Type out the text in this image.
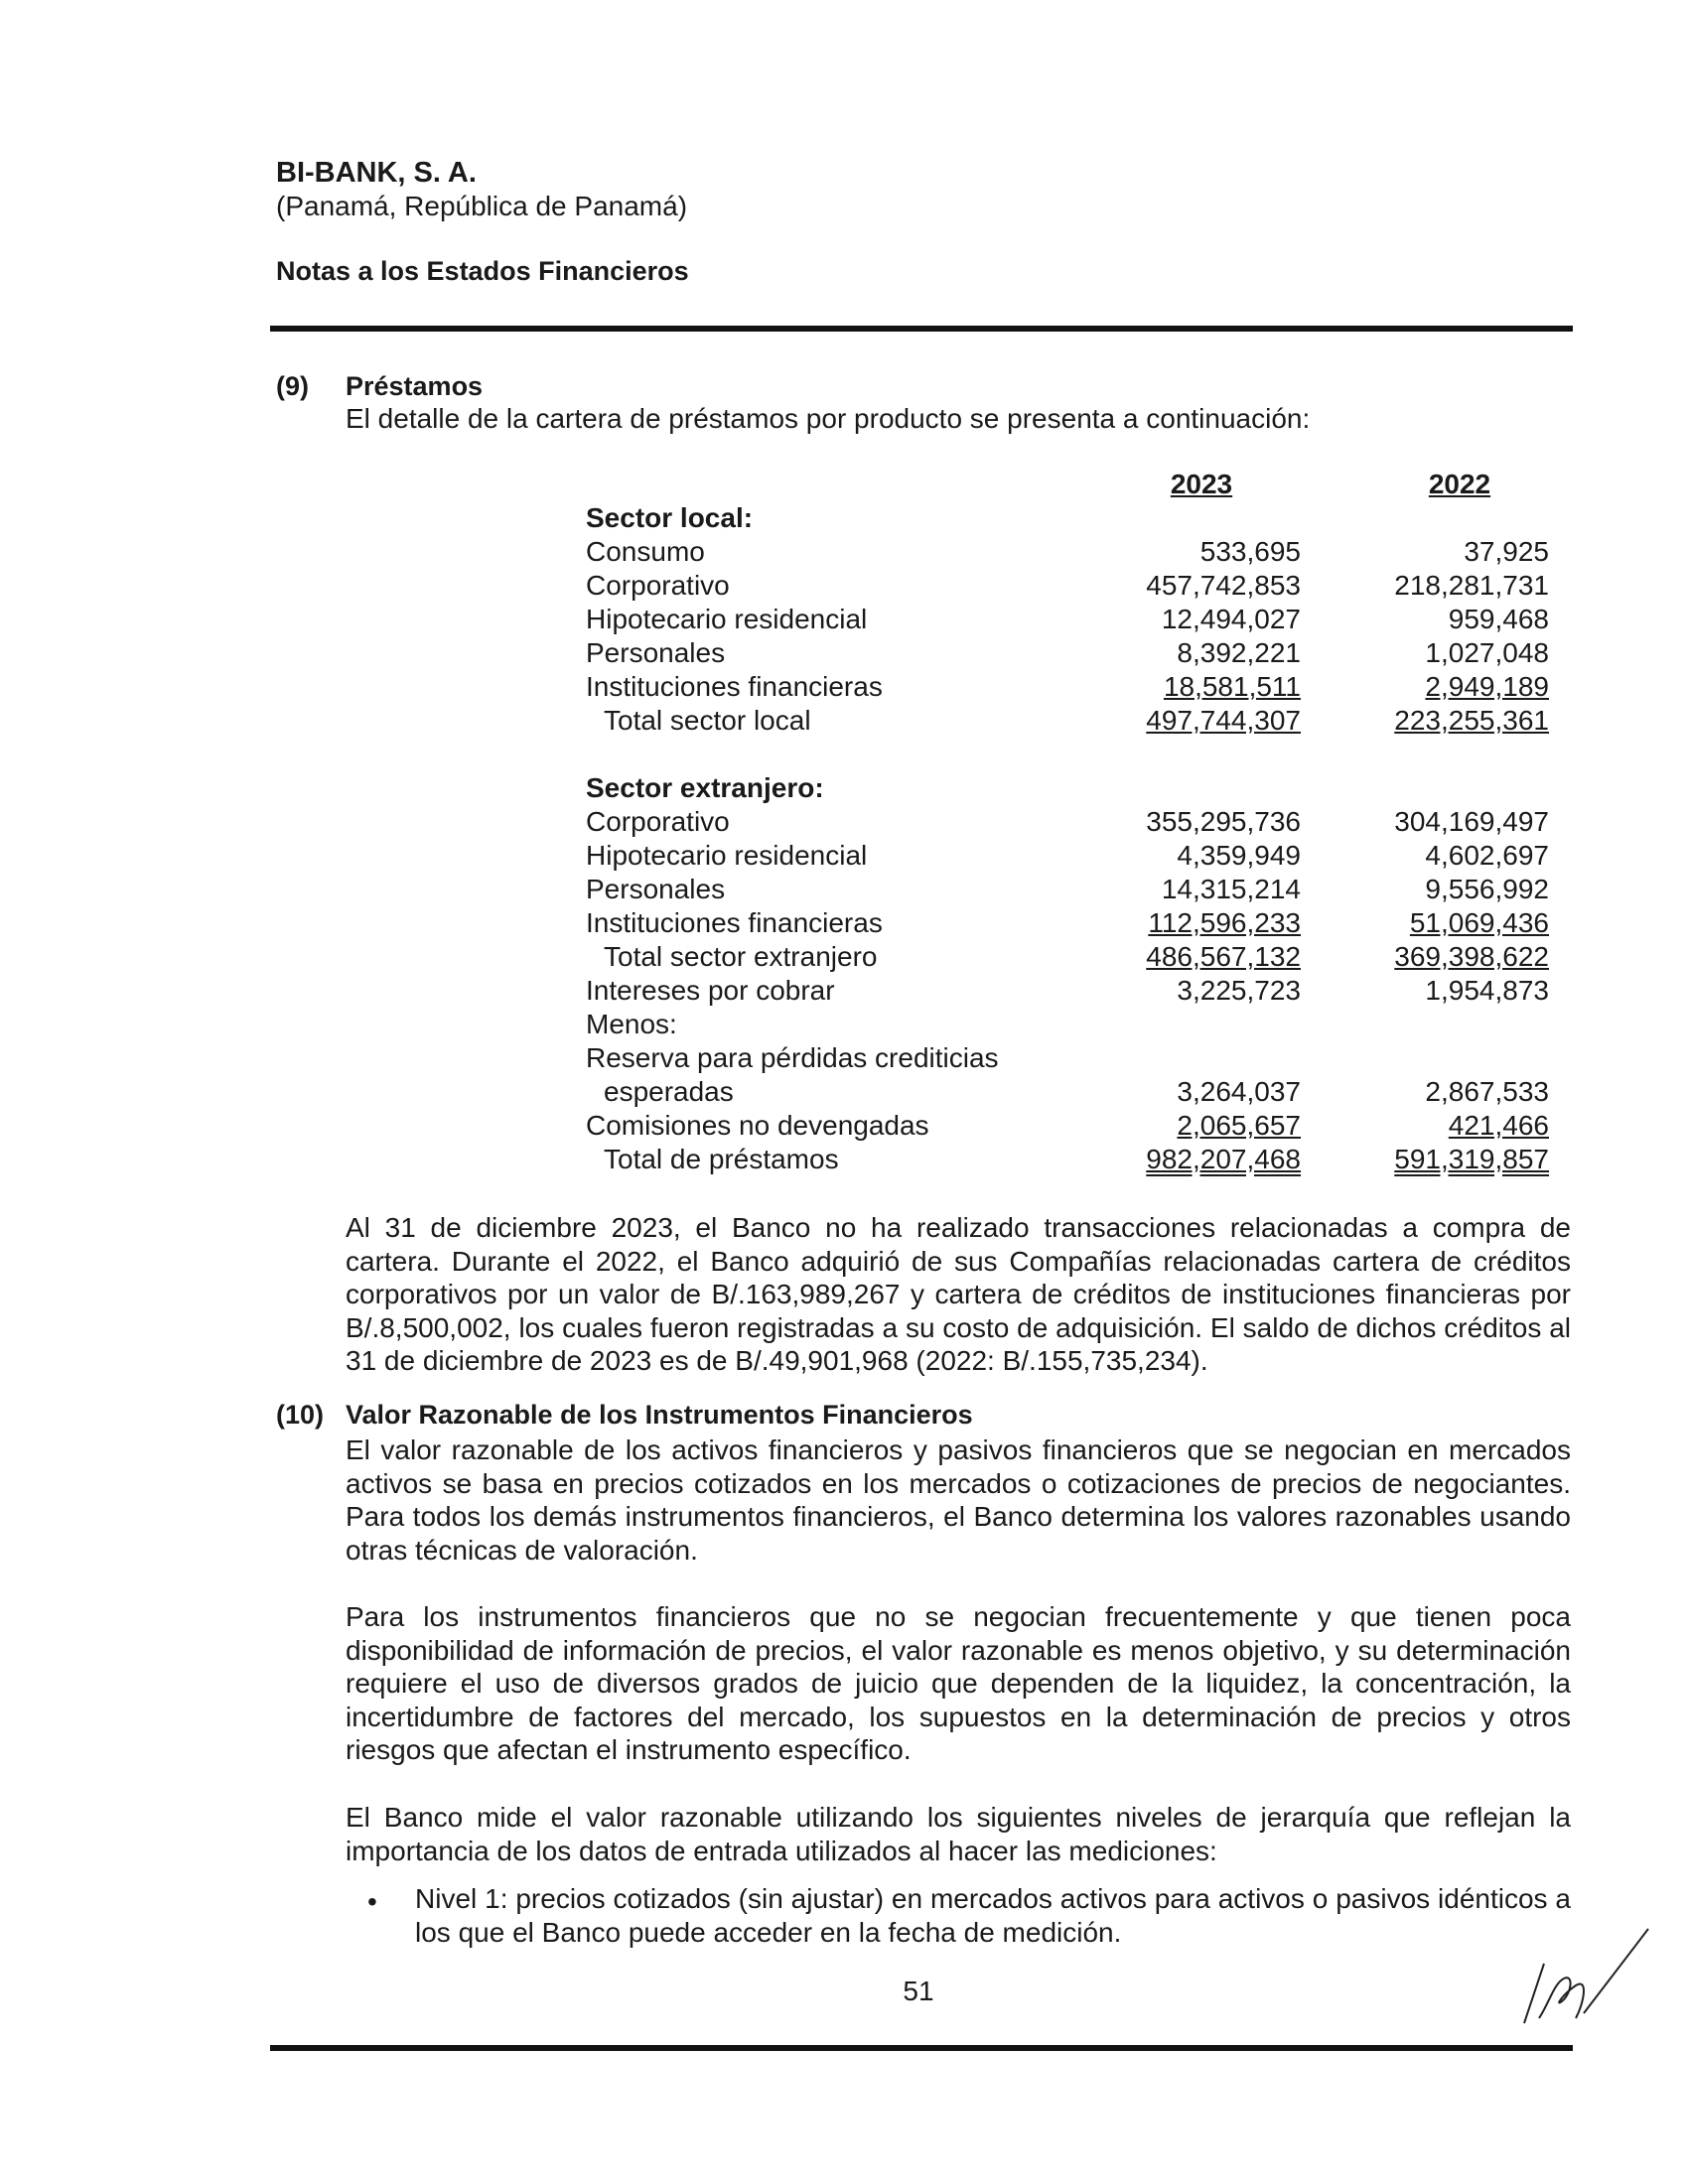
BI-BANK, S. A.
(Panamá, República de Panamá)
Notas a los Estados Financieros
(9) Préstamos
El detalle de la cartera de préstamos por producto se presenta a continuación:
2023	2022
Sector local:
Consumo	533,695	37,925
Corporativo	457,742,853	218,281,731
Hipotecario residencial	12,494,027	959,468
Personales	8,392,221	1,027,048
Instituciones financieras	18,581,511	2,949,189
Total sector local	497,744,307	223,255,361
Sector extranjero:
Corporativo	355,295,736	304,169,497
Hipotecario residencial	4,359,949	4,602,697
Personales	14,315,214	9,556,992
Instituciones financieras	112,596,233	51,069,436
Total sector extranjero	486,567,132	369,398,622
Intereses por cobrar	3,225,723	1,954,873
Menos:
Reserva para pérdidas crediticias
esperadas	3,264,037	2,867,533
Comisiones no devengadas	2,065,657	421,466
Total de préstamos	982,207,468	591,319,857
Al 31 de diciembre 2023, el Banco no ha realizado transacciones relacionadas a compra de cartera. Durante el 2022, el Banco adquirió de sus Compañías relacionadas cartera de créditos corporativos por un valor de B/.163,989,267 y cartera de créditos de instituciones financieras por B/.8,500,002, los cuales fueron registradas a su costo de adquisición. El saldo de dichos créditos al 31 de diciembre de 2023 es de B/.49,901,968 (2022: B/.155,735,234).
(10) Valor Razonable de los Instrumentos Financieros
El valor razonable de los activos financieros y pasivos financieros que se negocian en mercados activos se basa en precios cotizados en los mercados o cotizaciones de precios de negociantes. Para todos los demás instrumentos financieros, el Banco determina los valores razonables usando otras técnicas de valoración.
Para los instrumentos financieros que no se negocian frecuentemente y que tienen poca disponibilidad de información de precios, el valor razonable es menos objetivo, y su determinación requiere el uso de diversos grados de juicio que dependen de la liquidez, la concentración, la incertidumbre de factores del mercado, los supuestos en la determinación de precios y otros riesgos que afectan el instrumento específico.
El Banco mide el valor razonable utilizando los siguientes niveles de jerarquía que reflejan la importancia de los datos de entrada utilizados al hacer las mediciones:
• Nivel 1: precios cotizados (sin ajustar) en mercados activos para activos o pasivos idénticos a los que el Banco puede acceder en la fecha de medición.
51
